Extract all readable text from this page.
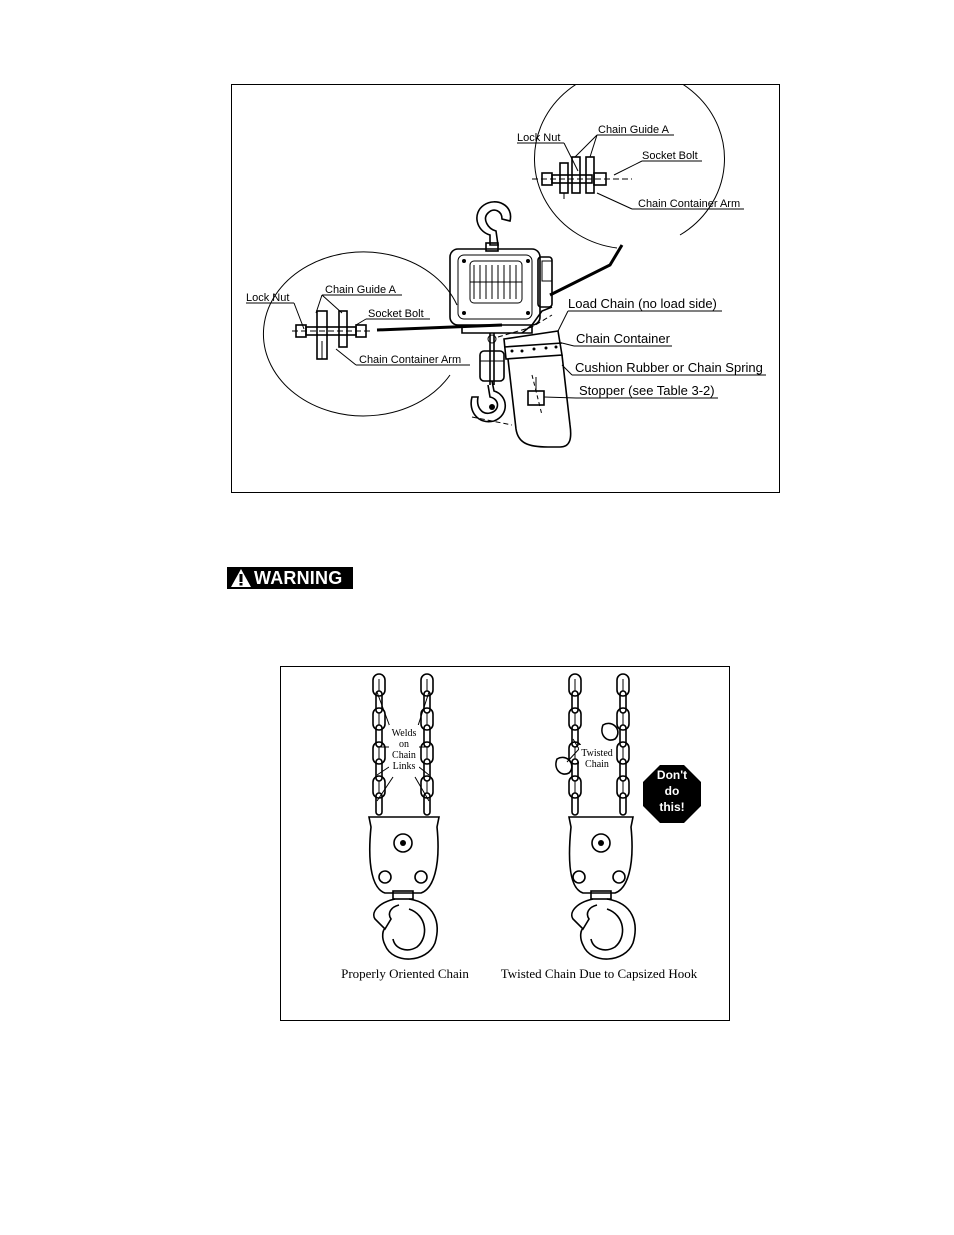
Lock Nut
Chain Guide A
Socket Bolt
Chain Container Arm
Lock Nut
Chain Guide A
Socket Bolt
Chain Container Arm
Load Chain (no load side)
Chain Container
Cushion Rubber or Chain Spring
Stopper (see Table 3-2)
WARNING
Welds
on
Chain
Links
Twisted
Chain
Don't
do
this!
Properly Oriented Chain Twisted Chain Due to Capsized Hook
